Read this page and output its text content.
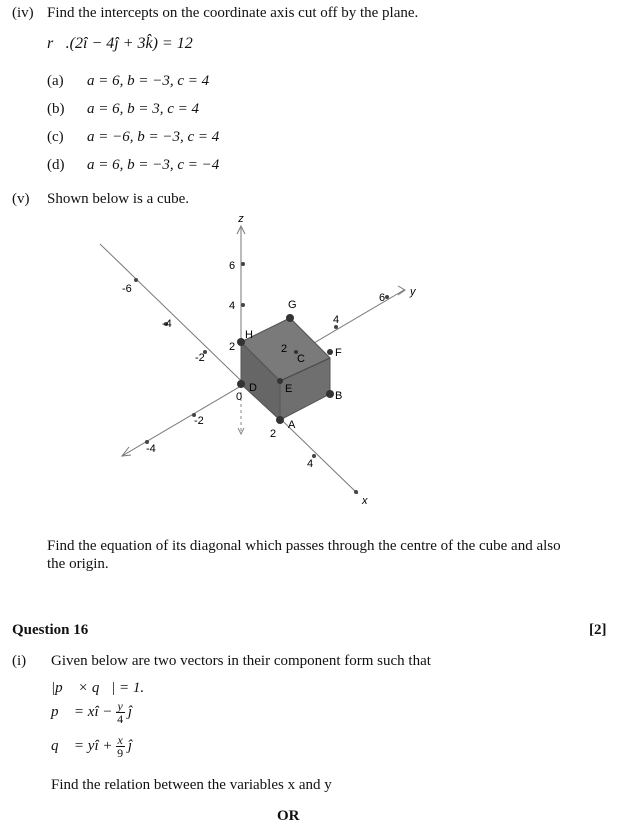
(iv) Find the intercepts on the coordinate axis cut off by the plane.
r⃗.(2î − 4ĵ + 3k̂) = 12
(a) a = 6, b = −3, c = 4
(b) a = 6, b = 3, c = 4
(c) a = −6, b = −3, c = 4
(d) a = 6, b = −3, c = −4
(v) Shown below is a cube.
z
y
x
0
-6
-4
-2
2
4
-2
-4
4
6
2
4
6
H
G
C	F
D	E
B
A
2
Find the equation of its diagonal which passes through the centre of the cube and also
the origin.
Question 16	[2]
(i) Given below are two vectors in their component form such that
|p⃗ × q⃗| = 1.
p⃗ = xî − $\frac{y}{4}$ ĵ
q⃗ = yî + $\frac{x}{9}$ ĵ
Find the relation between the variables x and y
OR
